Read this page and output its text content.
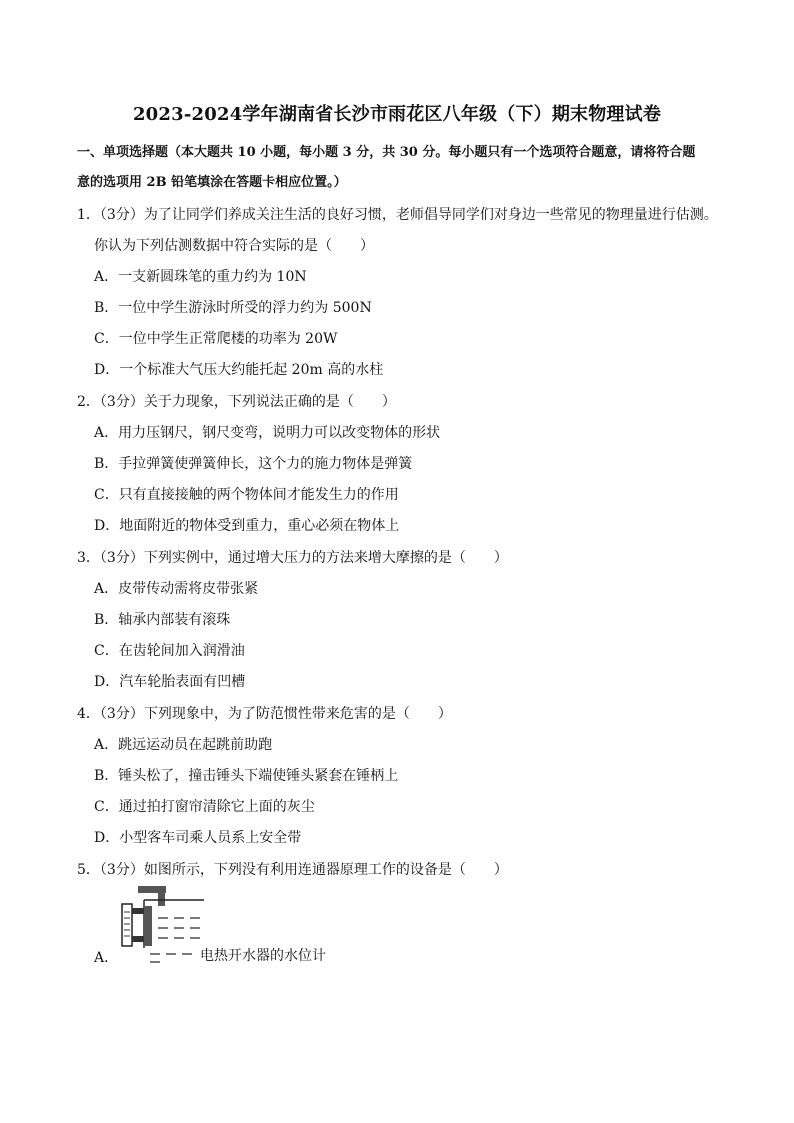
2023-2024学年湖南省长沙市雨花区八年级（下）期末物理试卷
一、单项选择题（本大题共 10 小题，每小题 3 分，共 30 分。每小题只有一个选项符合题意，请将符合题
意的选项用 2B 铅笔填涂在答题卡相应位置。）
1．（3分）为了让同学们养成关注生活的良好习惯，老师倡导同学们对身边一些常见的物理量进行估测。
你认为下列估测数据中符合实际的是（　　）
A．一支新圆珠笔的重力约为 10N
B．一位中学生游泳时所受的浮力约为 500N
C．一位中学生正常爬楼的功率为 20W
D．一个标准大气压大约能托起 20m 高的水柱
2．（3分）关于力现象，下列说法正确的是（　　）
A．用力压钢尺，钢尺变弯，说明力可以改变物体的形状
B．手拉弹簧使弹簧伸长，这个力的施力物体是弹簧
C．只有直接接触的两个物体间才能发生力的作用
D．地面附近的物体受到重力，重心必须在物体上
3．（3分）下列实例中，通过增大压力的方法来增大摩擦的是（　　）
A．皮带传动需将皮带张紧
B．轴承内部装有滚珠
C．在齿轮间加入润滑油
D．汽车轮胎表面有凹槽
4．（3分）下列现象中，为了防范惯性带来危害的是（　　）
A．跳远运动员在起跳前助跑
B．锤头松了，撞击锤头下端使锤头紧套在锤柄上
C．通过拍打窗帘清除它上面的灰尘
D．小型客车司乘人员系上安全带
5．（3分）如图所示，下列没有利用连通器原理工作的设备是（　　）
A．	电热开水器的水位计
